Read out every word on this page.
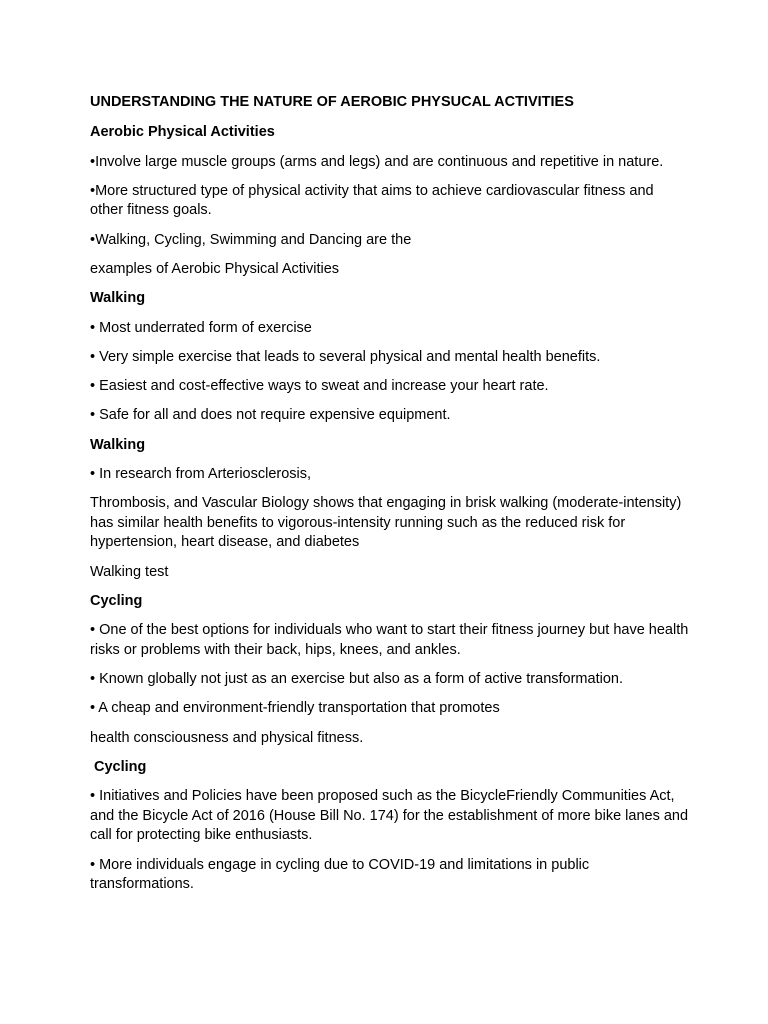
UNDERSTANDING THE NATURE OF AEROBIC PHYSUCAL ACTIVITIES

Aerobic Physical Activities

•Involve large muscle groups (arms and legs) and are continuous and repetitive in nature.

•More structured type of physical activity that aims to achieve cardiovascular fitness and other fitness goals.

•Walking, Cycling, Swimming and Dancing are the

examples of Aerobic Physical Activities

Walking

• Most underrated form of exercise

• Very simple exercise that leads to several physical and mental health benefits.

• Easiest and cost-effective ways to sweat and increase your heart rate.

• Safe for all and does not require expensive equipment.

Walking

• In research from Arteriosclerosis,

Thrombosis, and Vascular Biology shows that engaging in brisk walking (moderate-intensity) has similar health benefits to vigorous-intensity running such as the reduced risk for hypertension, heart disease, and diabetes

Walking test

Cycling

• One of the best options for individuals who want to start their fitness journey but have health risks or problems with their back, hips, knees, and ankles.

• Known globally not just as an exercise but also as a form of active transformation.

• A cheap and environment-friendly transportation that promotes

health consciousness and physical fitness.

Cycling

• Initiatives and Policies have been proposed such as the BicycleFriendly Communities Act, and the Bicycle Act of 2016 (House Bill No. 174) for the establishment of more bike lanes and call for protecting bike enthusiasts.

• More individuals engage in cycling due to COVID-19 and limitations in public transformations.
